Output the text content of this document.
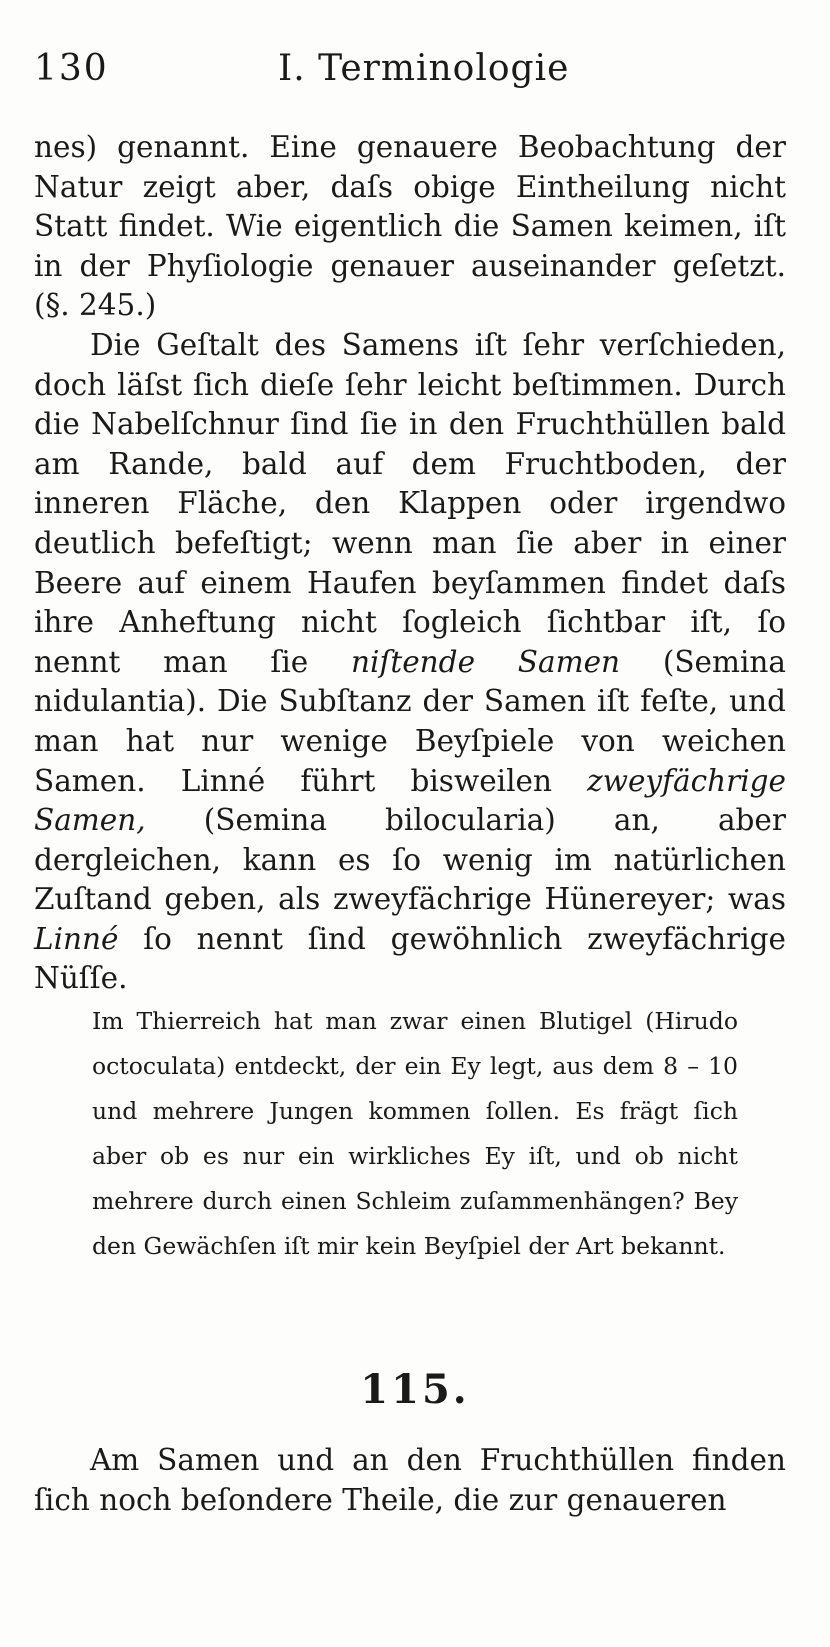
130	I. Terminologie

nes) genannt. Eine genauere Beobachtung der Natur zeigt aber, daſs obige Eintheilung nicht Statt findet. Wie eigentlich die Samen keimen, iſt in der Phyſiologie genauer auseinander geſetzt. (§. 245.)

Die Geſtalt des Samens iſt ſehr verſchieden, doch läſst ſich dieſe ſehr leicht beſtimmen. Durch die Nabelſchnur ſind ſie in den Fruchthüllen bald am Rande, bald auf dem Fruchtboden, der inneren Fläche, den Klappen oder irgendwo deutlich befeſtigt; wenn man ſie aber in einer Beere auf einem Haufen beyſammen findet daſs ihre Anheftung nicht ſogleich ſichtbar iſt, ſo nennt man ſie niſtende Samen (Semina nidulantia). Die Subſtanz der Samen iſt feſte, und man hat nur wenige Beyſpiele von weichen Samen. Linné führt bisweilen zweyfächrige Samen, (Semina bilocularia) an, aber dergleichen, kann es ſo wenig im natürlichen Zuſtand geben, als zweyfächrige Hünereyer; was Linné ſo nennt ſind gewöhnlich zweyfächrige Nüſſe.

Im Thierreich hat man zwar einen Blutigel (Hirudo octoculata) entdeckt, der ein Ey legt, aus dem 8 – 10 und mehrere Jungen kommen ſollen. Es frägt ſich aber ob es nur ein wirkliches Ey iſt, und ob nicht mehrere durch einen Schleim zuſammenhängen? Bey den Gewächſen iſt mir kein Beyſpiel der Art bekannt.

115.

Am Samen und an den Fruchthüllen finden ſich noch beſondere Theile, die zur genaueren
